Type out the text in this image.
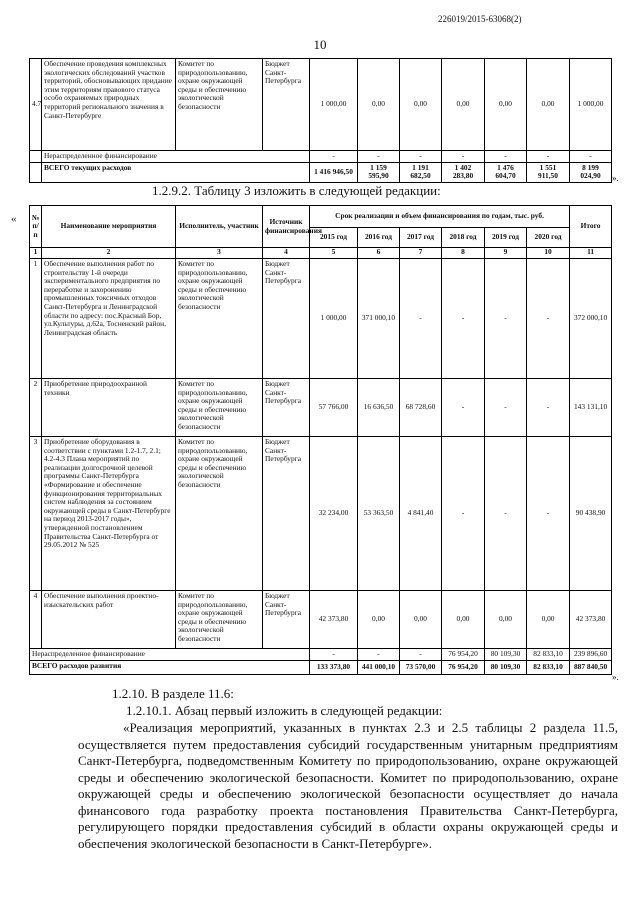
226019/2015-63068(2)
10
4.7	Обеспечение проведения комплексных экологических обследований участков территорий, обосновывающих придание этим территориям правового статуса особо охраняемых природных территорий регионального значения в Санкт-Петербурге	Комитет по природопользованию, охране окружающей среды и обеспечению экологической безопасности	Бюджет Санкт-Петербурга	1 000,00	0,00	0,00	0,00	0,00	0,00	1 000,00
	Нераспределенное финансирование			-	-	-	-	-	-	-
	ВСЕГО текущих расходов			1 416 946,50	1 159 595,90	1 191 682,50	1 402 283,80	1 476 604,70	1 551 911,50	8 199 024,90 ».
1.2.9.2. Таблицу 3 изложить в следующей редакции:
« № п/п	Наименование мероприятия	Исполнитель, участник	Источник финансирования	Срок реализации и объем финансирования по годам, тыс. руб.						Итого
				2015 год	2016 год	2017 год	2018 год	2019 год	2020 год	
1	2	3	4	5	6	7	8	9	10	11
1	Обеспечение выполнения работ по строительству 1-й очереди экспериментального предприятия по переработке и захоронению промышленных токсичных отходов Санкт-Петербурга и Ленинградской области по адресу: пос.Красный Бор, ул.Культуры, д.62а, Тосненский район, Ленинградская область	Комитет по природопользованию, охране окружающей среды и обеспечению экологической безопасности	Бюджет Санкт-Петербурга	1 000,00	371 000,10	-	-	-	-	372 000,10
2	Приобретение природоохранной техники	Комитет по природопользованию, охране окружающей среды и обеспечению экологической безопасности	Бюджет Санкт-Петербурга	57 766,00	16 636,50	68 728,60	-	-	-	143 131,10
3	Приобретение оборудования в соответствии с пунктами 1.2-1.7, 2.1; 4.2-4.3 Плана мероприятий по реализации долгосрочной целевой программы Санкт-Петербурга «Формирование и обеспечение функционирования территориальных систем наблюдения за состоянием окружающей среды в Санкт-Петербурге на период 2013-2017 годы», утвержденной постановлением Правительства Санкт-Петербурга от 29.05.2012 № 525	Комитет по природопользованию, охране окружающей среды и обеспечению экологической безопасности	Бюджет Санкт-Петербурга	32 234,00	53 363,50	4 841,40	-	-	-	90 438,90
4	Обеспечение выполнения проектно-изыскательских работ	Комитет по природопользованию, охране окружающей среды и обеспечению экологической безопасности	Бюджет Санкт-Петербурга	42 373,80	0,00	0,00	0,00	0,00	0,00	42 373,80
Нераспределенное финансирование				-	-	-	76 954,20	80 109,30	82 833,10	239 896,60
ВСЕГО расходов развития				133 373,80	441 000,10	73 570,00	76 954,20	80 109,30	82 833,10	887 840,50
».
1.2.10. В разделе 11.6:
1.2.10.1. Абзац первый изложить в следующей редакции:
«Реализация мероприятий, указанных в пунктах 2.3 и 2.5 таблицы 2 раздела 11.5, осуществляется путем предоставления субсидий государственным унитарным предприятиям Санкт-Петербурга, подведомственным Комитету по природопользованию, охране окружающей среды и обеспечению экологической безопасности. Комитет по природопользованию, охране окружающей среды и обеспечению экологической безопасности осуществляет до начала финансового года разработку проекта постановления Правительства Санкт-Петербурга, регулирующего порядки предоставления субсидий в области охраны окружающей среды и обеспечения экологической безопасности в Санкт-Петербурге».
